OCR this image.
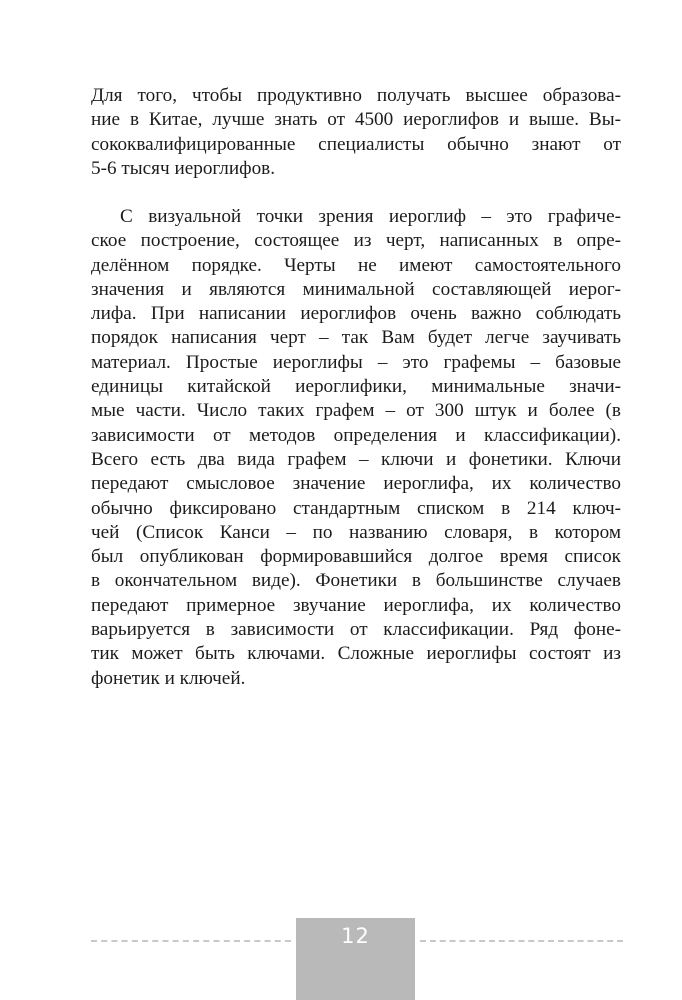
Для того, чтобы продуктивно получать высшее образова-
ние в Китае, лучше знать от 4500 иероглифов и выше. Вы-
сококвалифицированные специалисты обычно знают от
5-6 тысяч иероглифов.
С визуальной точки зрения иероглиф – это графиче-
ское построение, состоящее из черт, написанных в опре-
делённом порядке. Черты не имеют самостоятельного
значения и являются минимальной составляющей иерог-
лифа. При написании иероглифов очень важно соблюдать
порядок написания черт – так Вам будет легче заучивать
материал. Простые иероглифы – это графемы – базовые
единицы китайской иероглифики, минимальные значи-
мые части. Число таких графем – от 300 штук и более (в
зависимости от методов определения и классификации).
Всего есть два вида графем – ключи и фонетики. Ключи
передают смысловое значение иероглифа, их количество
обычно фиксировано стандартным списком в 214 ключ-
чей (Список Канси – по названию словаря, в котором
был опубликован формировавшийся долгое время список
в окончательном виде). Фонетики в большинстве случаев
передают примерное звучание иероглифа, их количество
варьируется в зависимости от классификации. Ряд фоне-
тик может быть ключами. Сложные иероглифы состоят из
фонетик и ключей.
12
